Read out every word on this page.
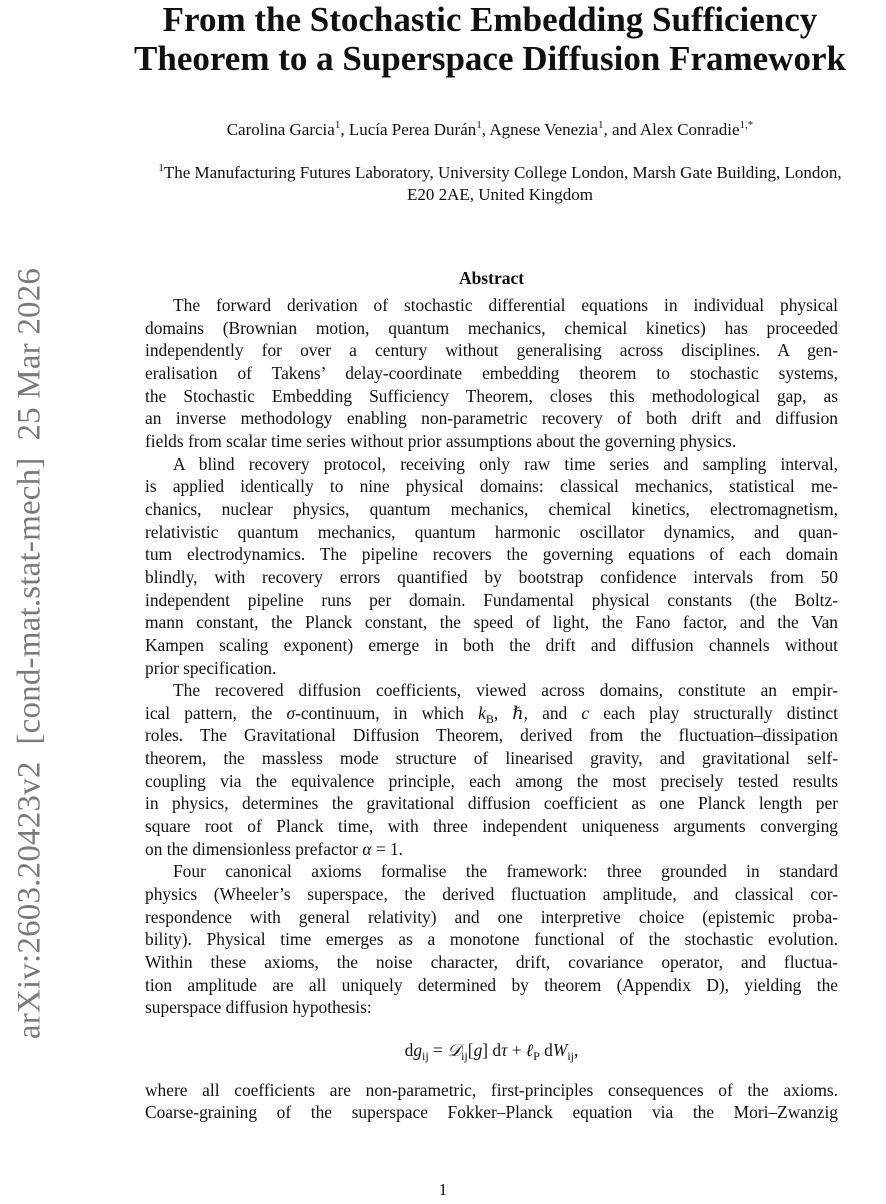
arXiv:2603.20423v2  [cond-mat.stat-mech]  25 Mar 2026
From the Stochastic Embedding Sufficiency
Theorem to a Superspace Diffusion Framework
Carolina Garcia$^1$, Lucía Perea Durán$^1$, Agnese Venezia$^1$, and Alex Conradie$^{1,*}$
$^1$The Manufacturing Futures Laboratory, University College London, Marsh Gate Building, London,
E20 2AE, United Kingdom
Abstract
The forward derivation of stochastic differential equations in individual physical
domains (Brownian motion, quantum mechanics, chemical kinetics) has proceeded
independently for over a century without generalising across disciplines. A gen-
eralisation of Takens’ delay-coordinate embedding theorem to stochastic systems,
the Stochastic Embedding Sufficiency Theorem, closes this methodological gap, as
an inverse methodology enabling non-parametric recovery of both drift and diffusion
fields from scalar time series without prior assumptions about the governing physics.
A blind recovery protocol, receiving only raw time series and sampling interval,
is applied identically to nine physical domains: classical mechanics, statistical me-
chanics, nuclear physics, quantum mechanics, chemical kinetics, electromagnetism,
relativistic quantum mechanics, quantum harmonic oscillator dynamics, and quan-
tum electrodynamics. The pipeline recovers the governing equations of each domain
blindly, with recovery errors quantified by bootstrap confidence intervals from 50
independent pipeline runs per domain. Fundamental physical constants (the Boltz-
mann constant, the Planck constant, the speed of light, the Fano factor, and the Van
Kampen scaling exponent) emerge in both the drift and diffusion channels without
prior specification.
The recovered diffusion coefficients, viewed across domains, constitute an empir-
ical pattern, the σ-continuum, in which $k_B$, ℏ, and c each play structurally distinct
roles. The Gravitational Diffusion Theorem, derived from the fluctuation–dissipation
theorem, the massless mode structure of linearised gravity, and gravitational self-
coupling via the equivalence principle, each among the most precisely tested results
in physics, determines the gravitational diffusion coefficient as one Planck length per
square root of Planck time, with three independent uniqueness arguments converging
on the dimensionless prefactor α = 1.
Four canonical axioms formalise the framework: three grounded in standard
physics (Wheeler’s superspace, the derived fluctuation amplitude, and classical cor-
respondence with general relativity) and one interpretive choice (epistemic proba-
bility). Physical time emerges as a monotone functional of the stochastic evolution.
Within these axioms, the noise character, drift, covariance operator, and fluctua-
tion amplitude are all uniquely determined by theorem (Appendix D), yielding the
superspace diffusion hypothesis:
$dg_{ij}$ = 𝒟$_{ij}$[g] dτ + ℓ$_P$ $dW_{ij}$,
where all coefficients are non-parametric, first-principles consequences of the axioms.
Coarse-graining of the superspace Fokker–Planck equation via the Mori–Zwanzig
1
